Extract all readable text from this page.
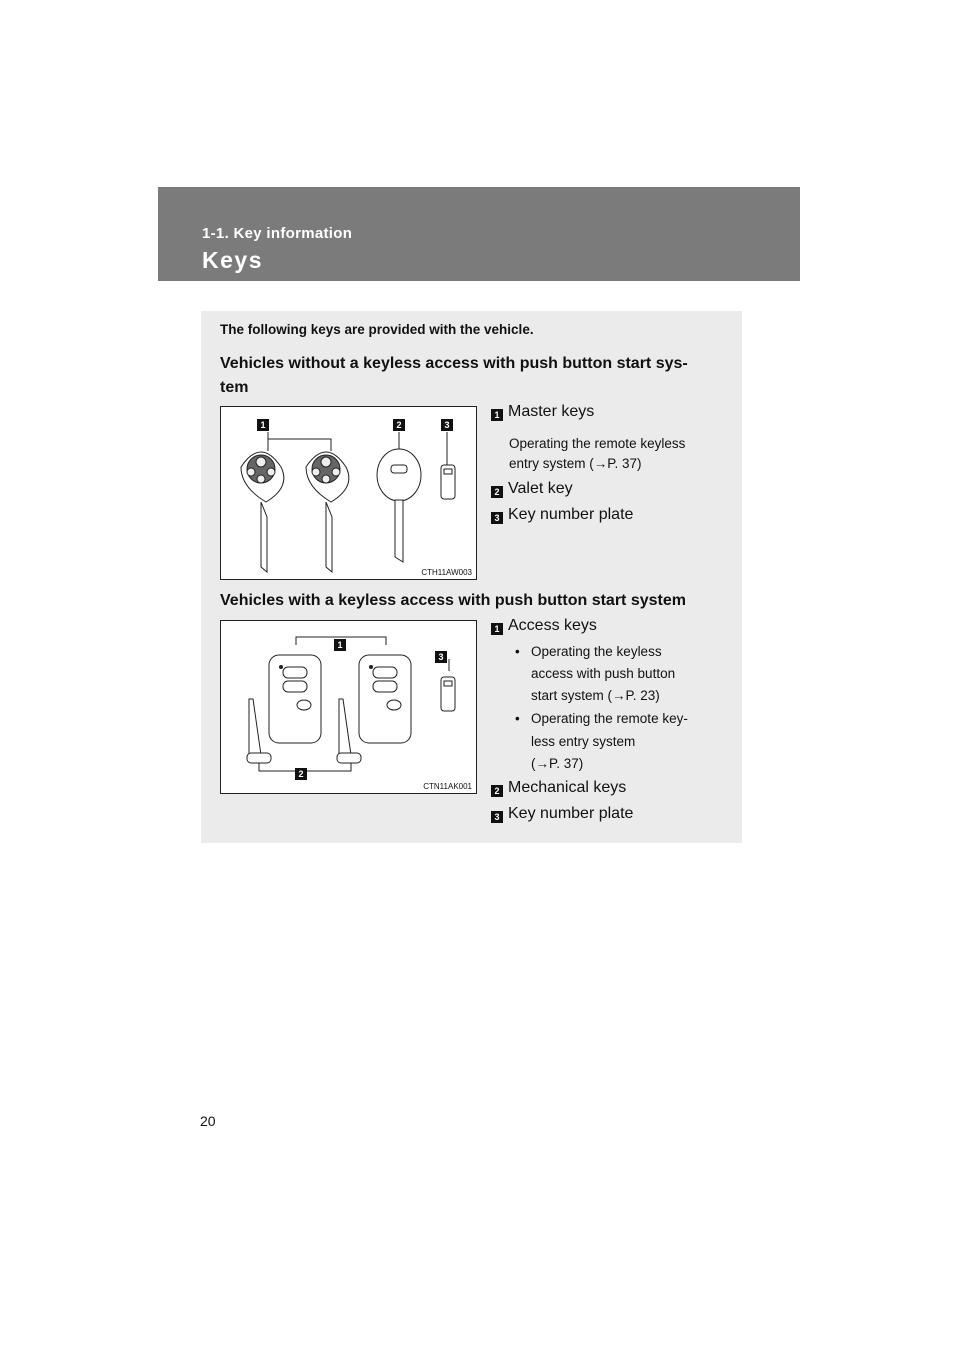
1-1. Key information
Keys
The following keys are provided with the vehicle.
Vehicles without a keyless access with push button start sys-
tem
1	2	3
CTH11AW003
1 Master keys
Operating the remote keyless
entry system (→P. 37)
2 Valet key
3 Key number plate
Vehicles with a keyless access with push button start system
1
2
3
CTN11AK001
1 Access keys
• Operating the keyless
access with push button
start system (→P. 23)
• Operating the remote key-
less entry system
(→P. 37)
2 Mechanical keys
3 Key number plate
20
